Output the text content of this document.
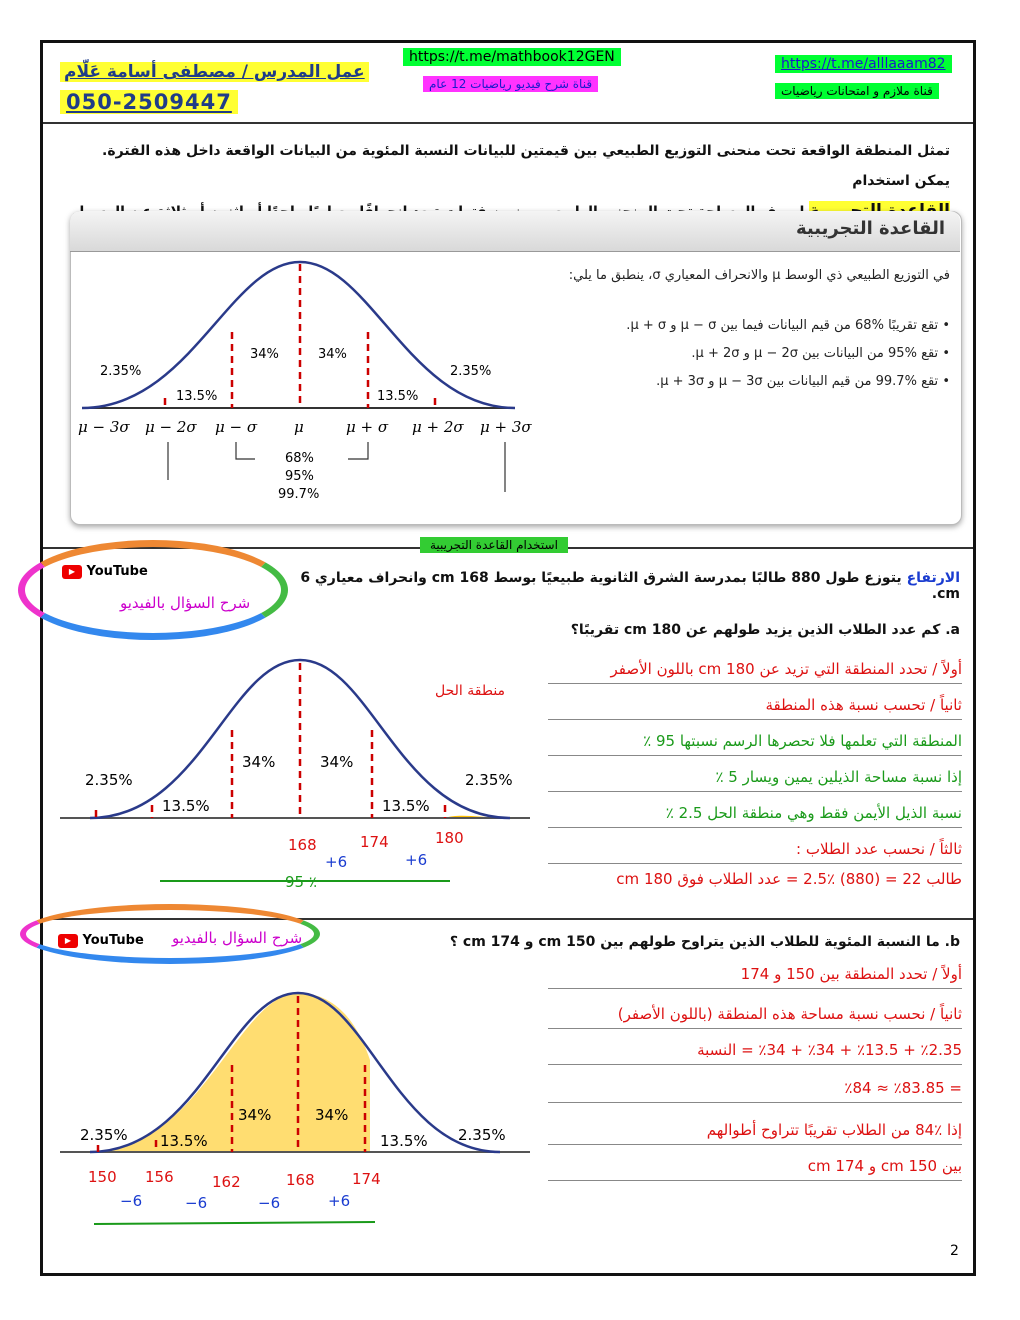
عمل المدرس / مصطفى أسامة عَلّام
050-2509447
https://t.me/mathbook12GEN
قناة شرح فيديو رياضيات 12 عام
https://t.me/alllaaam82
قناة ملازم و امتحانات رياضيات
تمثل المنطقة الواقعة تحت منحنى التوزيع الطبيعي بين قيمتين للبيانات النسبة المئوية من البيانات الواقعة داخل هذه الفترة. يمكن استخدام

القاعدة التجريبية
في التوزيع الطبيعي ذي الوسط μ والانحراف المعياري σ، ينطبق ما يلي:
• تقع تقريبًا %68 من قيم البيانات فيما بين μ − σ و μ + σ.
• تقع %95 من البيانات بين μ − 2σ و μ + 2σ.
• تقع %99.7 من قيم البيانات بين μ − 3σ و μ + 3σ.
34%	34%
13.5%	13.5%
2.35%	2.35%
μ − 3σ μ − 2σ μ − σ μ	μ + σ μ + 2σ μ + 3σ
68%
95%
99.7%
استخدام القاعدة التجريبية
▶ YouTube
شرح السؤال بالفيديو
الارتفاع يتوزع طول 880 طالبًا بمدرسة الشرق الثانوية طبيعيًا بوسط 168 cm وانحراف معياري 6 cm.
a. كم عدد الطلاب الذين يزيد طولهم عن 180 cm تقريبًا؟
34%	34%
13.5%	13.5%
2.35%	2.35%
168	174	180
+6	+6
95 ٪
منطقة الحل
أولاً / تحدد المنطقة التي تزيد عن 180 cm باللون الأصفر
ثانياً / تحسب نسبة هذه المنطقة
المنطقة التي تعلمها فلا تحصرها الرسم نسبتها 95 ٪
إذا نسبة مساحة الذيلين يمين ويسار 5 ٪
نسبة الذيل الأيمن فقط وهي منطقة الحل 2.5 ٪
ثالثاً / نحسب عدد الطلاب :
طالب 22 = (880) ٪2.5 = عدد الطلاب فوق 180 cm
▶ YouTube شرح السؤال بالفيديو	b. ما النسبة المئوية للطلاب الذين يتراوح طولهم بين 150 cm و 174 cm ؟
34%	34%
13.5%	13.5%
2.35%	2.35%
150 156	162	168 174
−6	−6	−6	+6
أولاً / تحدد المنطقة بين 150 و 174
ثانياً / نحسب نسبة مساحة هذه المنطقة (باللون الأصفر)
٪2.35 + ٪13.5 + ٪34 + ٪34 = النسبة
= ٪83.85 ≈ ٪84
إذا ٪84 من الطلاب تقريبًا تتراوح أطوالهم
بين 150 cm و 174 cm
2
